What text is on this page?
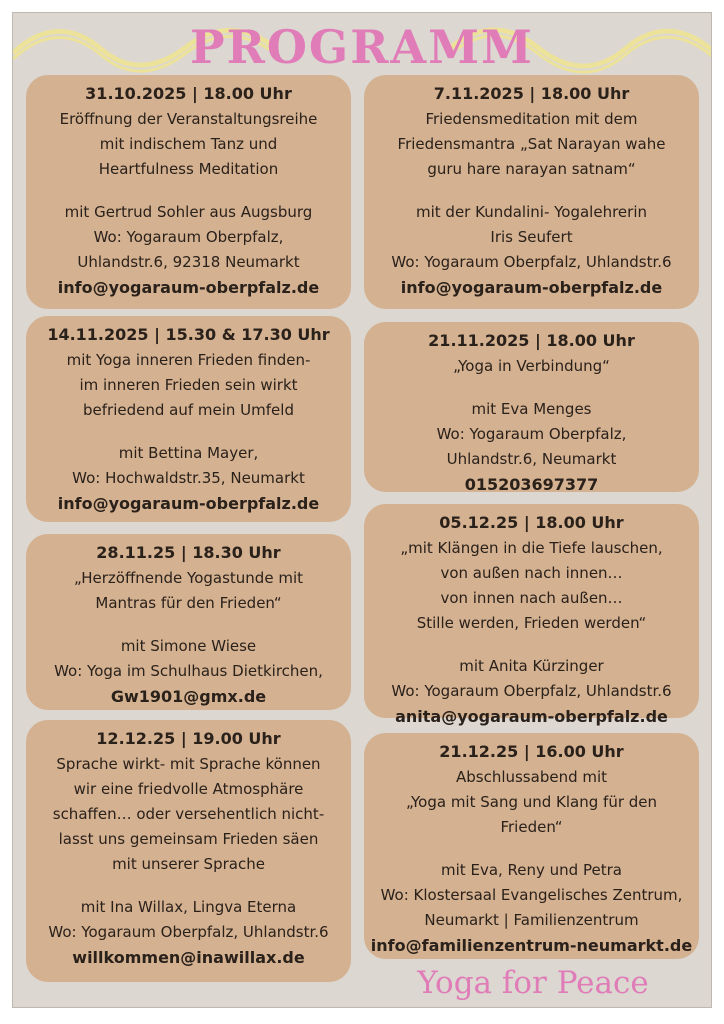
PROGRAMM
31.10.2025 | 18.00 Uhr
Eröffnung der Veranstaltungsreihe
mit indischem Tanz und
Heartfulness Meditation
mit Gertrud Sohler aus Augsburg
Wo: Yogaraum Oberpfalz,
Uhlandstr.6, 92318 Neumarkt
info@yogaraum-oberpfalz.de
7.11.2025 | 18.00 Uhr
Friedensmeditation mit dem
Friedensmantra „Sat Narayan wahe
guru hare narayan satnam“
mit der Kundalini- Yogalehrerin
Iris Seufert
Wo: Yogaraum Oberpfalz, Uhlandstr.6
info@yogaraum-oberpfalz.de
14.11.2025 | 15.30 & 17.30 Uhr
mit Yoga inneren Frieden finden-
im inneren Frieden sein wirkt
befriedend auf mein Umfeld
mit Bettina Mayer,
Wo: Hochwaldstr.35, Neumarkt
info@yogaraum-oberpfalz.de
21.11.2025 | 18.00 Uhr
„Yoga in Verbindung“
mit Eva Menges
Wo: Yogaraum Oberpfalz,
Uhlandstr.6, Neumarkt
015203697377
28.11.25 | 18.30 Uhr
„Herzöffnende Yogastunde mit
Mantras für den Frieden“
mit Simone Wiese
Wo: Yoga im Schulhaus Dietkirchen,
Gw1901@gmx.de
05.12.25 | 18.00 Uhr
„mit Klängen in die Tiefe lauschen,
von außen nach innen…
von innen nach außen…
Stille werden, Frieden werden“
mit Anita Kürzinger
Wo: Yogaraum Oberpfalz, Uhlandstr.6
anita@yogaraum-oberpfalz.de
12.12.25 | 19.00 Uhr
Sprache wirkt- mit Sprache können
wir eine friedvolle Atmosphäre
schaffen… oder versehentlich nicht-
lasst uns gemeinsam Frieden säen
mit unserer Sprache
mit Ina Willax, Lingva Eterna
Wo: Yogaraum Oberpfalz, Uhlandstr.6
willkommen@inawillax.de
21.12.25 | 16.00 Uhr
Abschlussabend mit
„Yoga mit Sang und Klang für den
Frieden“
mit Eva, Reny und Petra
Wo: Klostersaal Evangelisches Zentrum,
Neumarkt | Familienzentrum
info@familienzentrum-neumarkt.de
Yoga for Peace
